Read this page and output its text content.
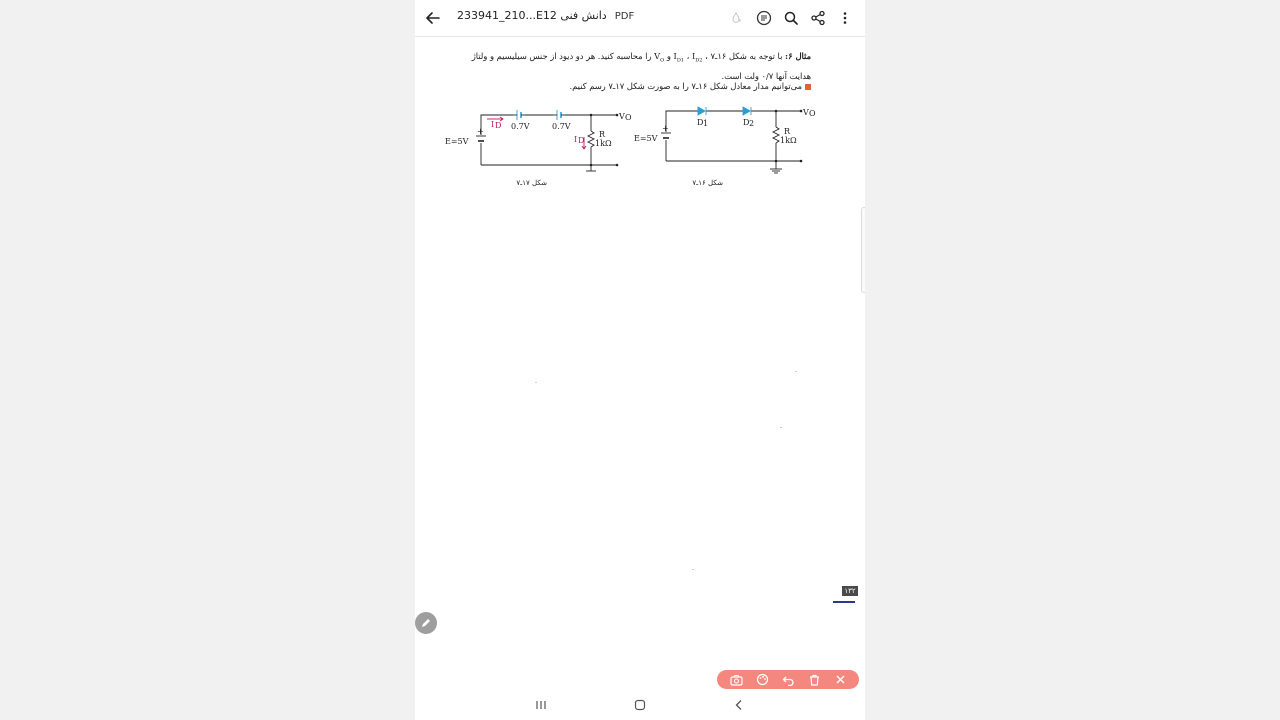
233941_210...E12 دانش فنی PDF
مثال ۶: با توجه به شکل ۱۶ـ۷ ، $I_{D1}$ ، $I_{D2}$ و $V_O$ را محاسبه کنید. هر دو دیود از جنس سیلیسیم و ولتاژ
هدایت آنها ۰/۷ ولت است.
می‌توانیم مدار معادل شکل ۱۶ـ۷ را به صورت شکل ۱۷ـ۷ رسم کنیم.
E=5V
+
0.7V	0.7V
I D
I D
R
1kΩ
V O
شکل ۱۷ـ۷
E=5V
+
D 1	D 2
R
1kΩ
V O
شکل ۱۶ـ۷
۱۳۲
